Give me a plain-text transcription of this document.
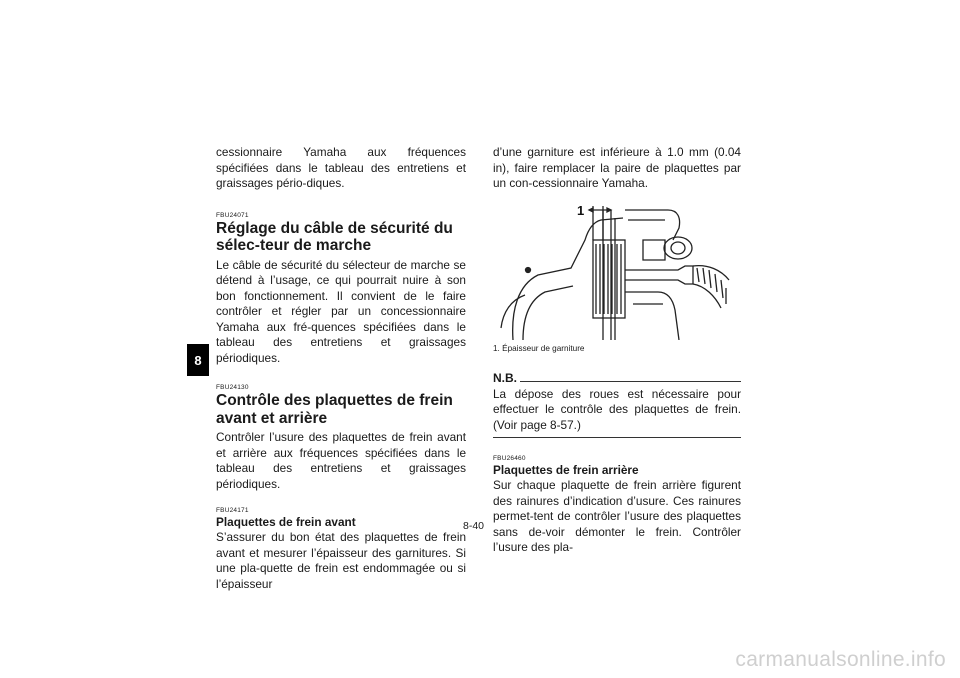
8

cessionnaire Yamaha aux fréquences spécifiées dans le tableau des entretiens et graissages pério-diques.

FBU24071
Réglage du câble de sécurité du sélec-teur de marche

Le câble de sécurité du sélecteur de marche se détend à l’usage, ce qui pourrait nuire à son bon fonctionnement. Il convient de le faire contrôler et régler par un concessionnaire Yamaha aux fré-quences spécifiées dans le tableau des entretiens et graissages périodiques.

FBU24130
Contrôle des plaquettes de frein avant et arrière

Contrôler l’usure des plaquettes de frein avant et arrière aux fréquences spécifiées dans le tableau des entretiens et graissages périodiques.

FBU24171
Plaquettes de frein avant

S’assurer du bon état des plaquettes de frein avant et mesurer l’épaisseur des garnitures. Si une pla-quette de frein est endommagée ou si l’épaisseur

d’une garniture est inférieure à 1.0 mm (0.04 in), faire remplacer la paire de plaquettes par un con-cessionnaire Yamaha.

1
1. Épaisseur de garniture
N.B.

La dépose des roues est nécessaire pour effectuer le contrôle des plaquettes de frein. (Voir page 8-57.)

FBU26460
Plaquettes de frein arrière

Sur chaque plaquette de frein arrière figurent des rainures d’indication d’usure. Ces rainures permet-tent de contrôler l’usure des plaquettes sans de-voir démonter le frein. Contrôler l’usure des pla-

8-40
carmanualsonline.info
